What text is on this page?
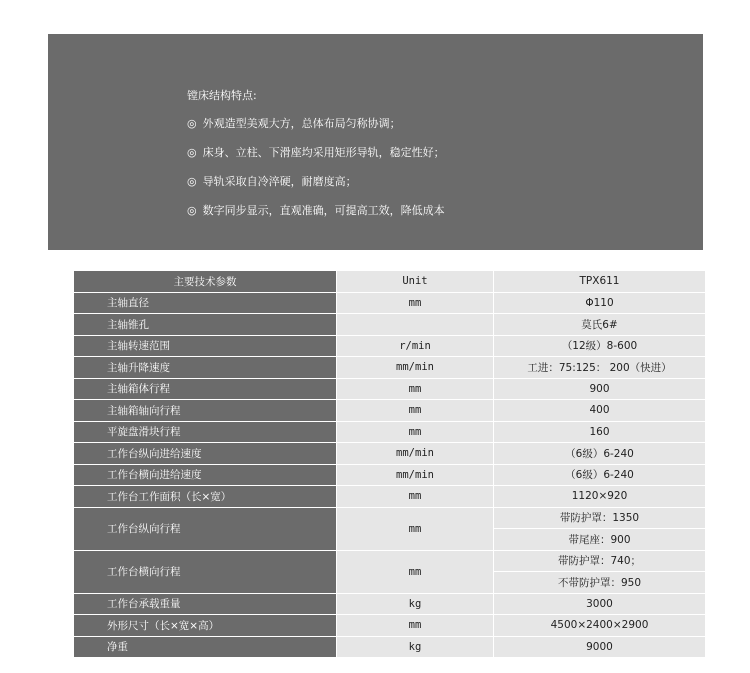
镗床结构特点:
◎ 外观造型美观大方，总体布局匀称协调；
◎ 床身、立柱、下滑座均采用矩形导轨，稳定性好；
◎ 导轨采取自冷淬硬，耐磨度高；
◎ 数字同步显示，直观准确，可提高工效，降低成本
主要技术参数	Unit	TPX611
主轴直径	mm	Φ110
主轴锥孔		莫氏6#
主轴转速范围	r/min	（12级）8-600
主轴升降速度	mm/min	工进：75:125： 200（快进）
主轴箱体行程	mm	900
主轴箱轴向行程	mm	400
平旋盘滑块行程	mm	160
工作台纵向进给速度	mm/min	（6级）6-240
工作台横向进给速度	mm/min	（6级）6-240
工作台工作面积（长×宽）	mm	1120×920
工作台纵向行程	mm	带防护罩：1350
		带尾座：900
工作台横向行程	mm	带防护罩：740；
		不带防护罩：950
工作台承载重量	kg	3000
外形尺寸（长×宽×高）	mm	4500×2400×2900
净重	kg	9000
